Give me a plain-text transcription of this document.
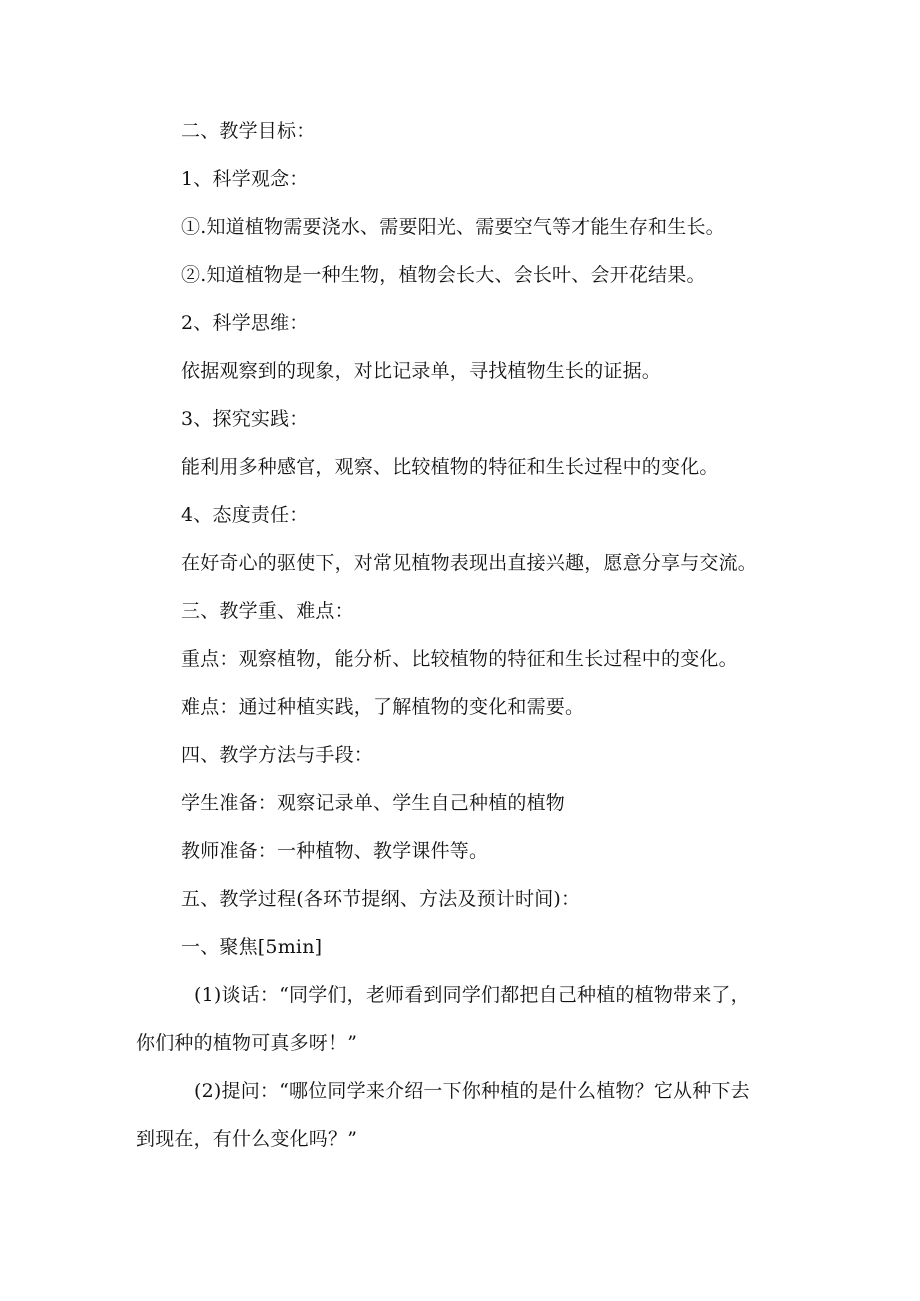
二、教学目标：
1、科学观念：
①.知道植物需要浇水、需要阳光、需要空气等才能生存和生长。
②.知道植物是一种生物，植物会长大、会长叶、会开花结果。
2、科学思维：
依据观察到的现象，对比记录单，寻找植物生长的证据。
3、探究实践：
能利用多种感官，观察、比较植物的特征和生长过程中的变化。
4、态度责任：
在好奇心的驱使下，对常见植物表现出直接兴趣，愿意分享与交流。
三、教学重、难点：
重点：观察植物，能分析、比较植物的特征和生长过程中的变化。
难点：通过种植实践，了解植物的变化和需要。
四、教学方法与手段：
学生准备：观察记录单、学生自己种植的植物
教师准备：一种植物、教学课件等。
五、教学过程(各环节提纲、方法及预计时间)：
一、聚焦[5min]
(1)谈话：“同学们，老师看到同学们都把自己种植的植物带来了，
你们种的植物可真多呀！”
(2)提问：“哪位同学来介绍一下你种植的是什么植物？它从种下去
到现在，有什么变化吗？”
